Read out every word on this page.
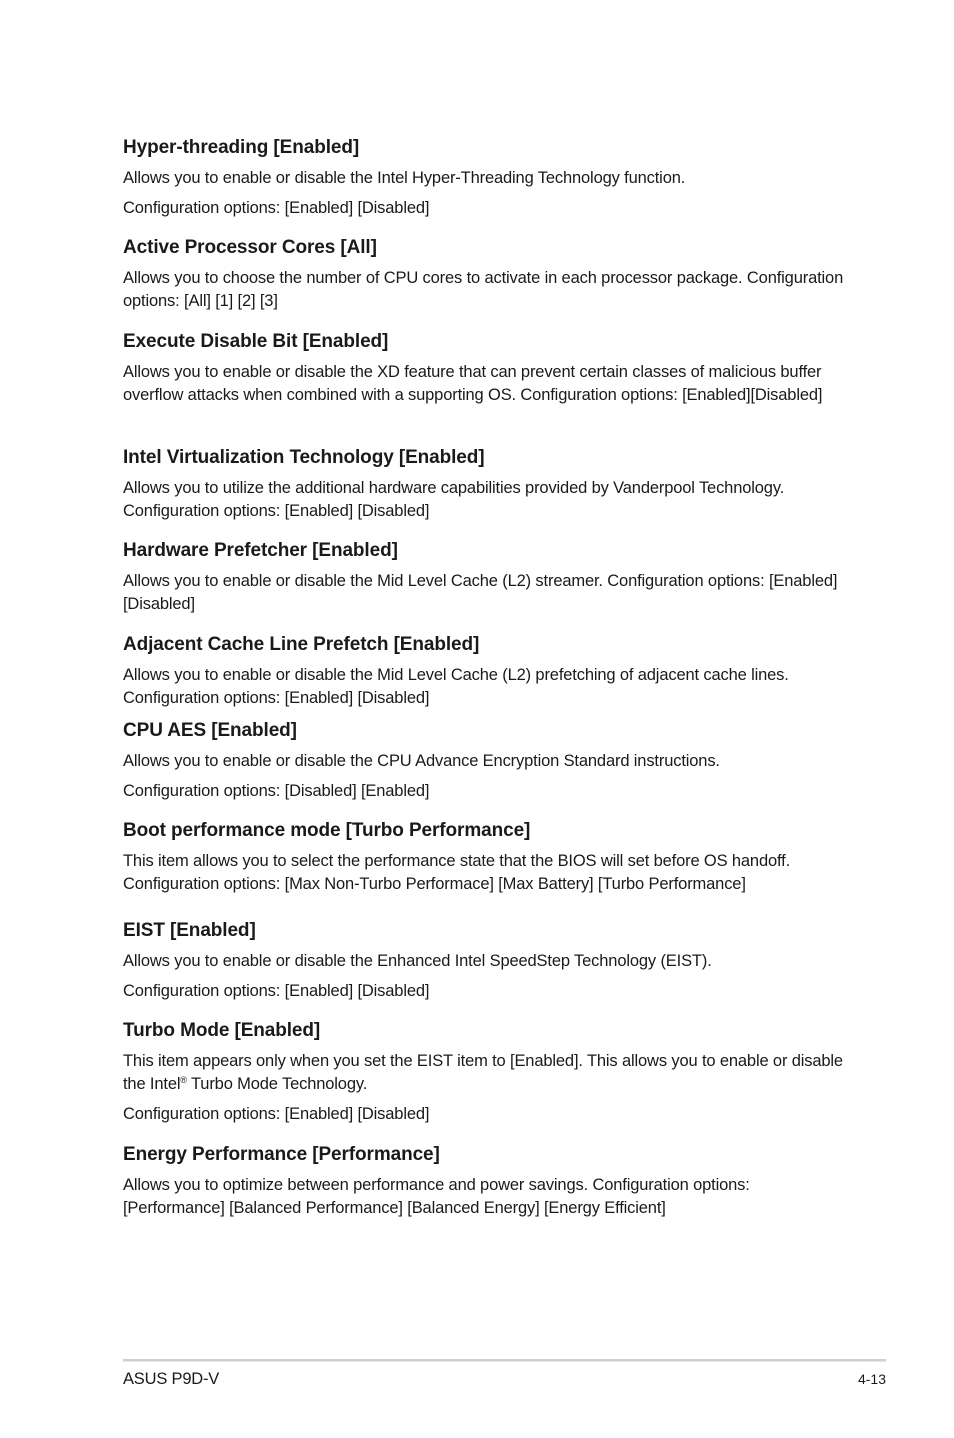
Hyper-threading [Enabled]

Allows you to enable or disable the Intel Hyper-Threading Technology function.

Configuration options: [Enabled] [Disabled]

Active Processor Cores [All]

Allows you to choose the number of CPU cores to activate in each processor package. Configuration options: [All] [1] [2] [3]

Execute Disable Bit [Enabled]

Allows you to enable or disable the XD feature that can prevent certain classes of malicious buffer overflow attacks when combined with a supporting OS. Configuration options: [Enabled][Disabled]

Intel Virtualization Technology [Enabled]

Allows you to utilize the additional hardware capabilities provided by Vanderpool Technology. Configuration options: [Enabled] [Disabled]

Hardware Prefetcher [Enabled]

Allows you to enable or disable the Mid Level Cache (L2) streamer. Configuration options: [Enabled] [Disabled]

Adjacent Cache Line Prefetch [Enabled]

Allows you to enable or disable the Mid Level Cache (L2) prefetching of adjacent cache lines. Configuration options: [Enabled] [Disabled]

CPU AES [Enabled]

Allows you to enable or disable the CPU Advance Encryption Standard instructions.

Configuration options: [Disabled] [Enabled]

Boot performance mode [Turbo Performance]

This item allows you to select the performance state that the BIOS will set before OS handoff. Configuration options: [Max Non-Turbo Performace] [Max Battery] [Turbo Performance]

EIST [Enabled]

Allows you to enable or disable the Enhanced Intel SpeedStep Technology (EIST).

Configuration options: [Enabled] [Disabled]

Turbo Mode [Enabled]

This item appears only when you set the EIST item to [Enabled]. This allows you to enable or disable the Intel® Turbo Mode Technology.

Configuration options: [Enabled] [Disabled]

Energy Performance [Performance]

Allows you to optimize between performance and power savings. Configuration options: [Performance] [Balanced Performance] [Balanced Energy] [Energy Efficient]

ASUS P9D-V	4-13
